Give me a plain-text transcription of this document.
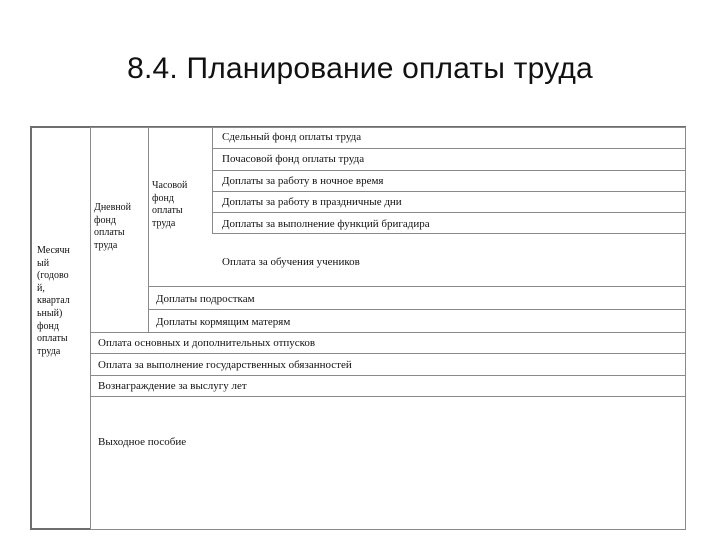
8.4. Планирование оплаты труда
Месячн
ый
(годово
й,
квартал
ьный)
фонд
оплаты
труда
Дневной
фонд
оплаты
труда
Часовой
фонд
оплаты
труда
Сдельный фонд оплаты труда
Почасовой фонд оплаты труда
Доплаты за работу в ночное время
Доплаты за работу в праздничные дни
Доплаты за выполнение функций бригадира
Оплата за обучения учеников
Доплаты подросткам
Доплаты кормящим матерям
Оплата основных и дополнительных отпусков
Оплата за выполнение государственных обязанностей
Вознаграждение за выслугу лет
Выходное пособие
